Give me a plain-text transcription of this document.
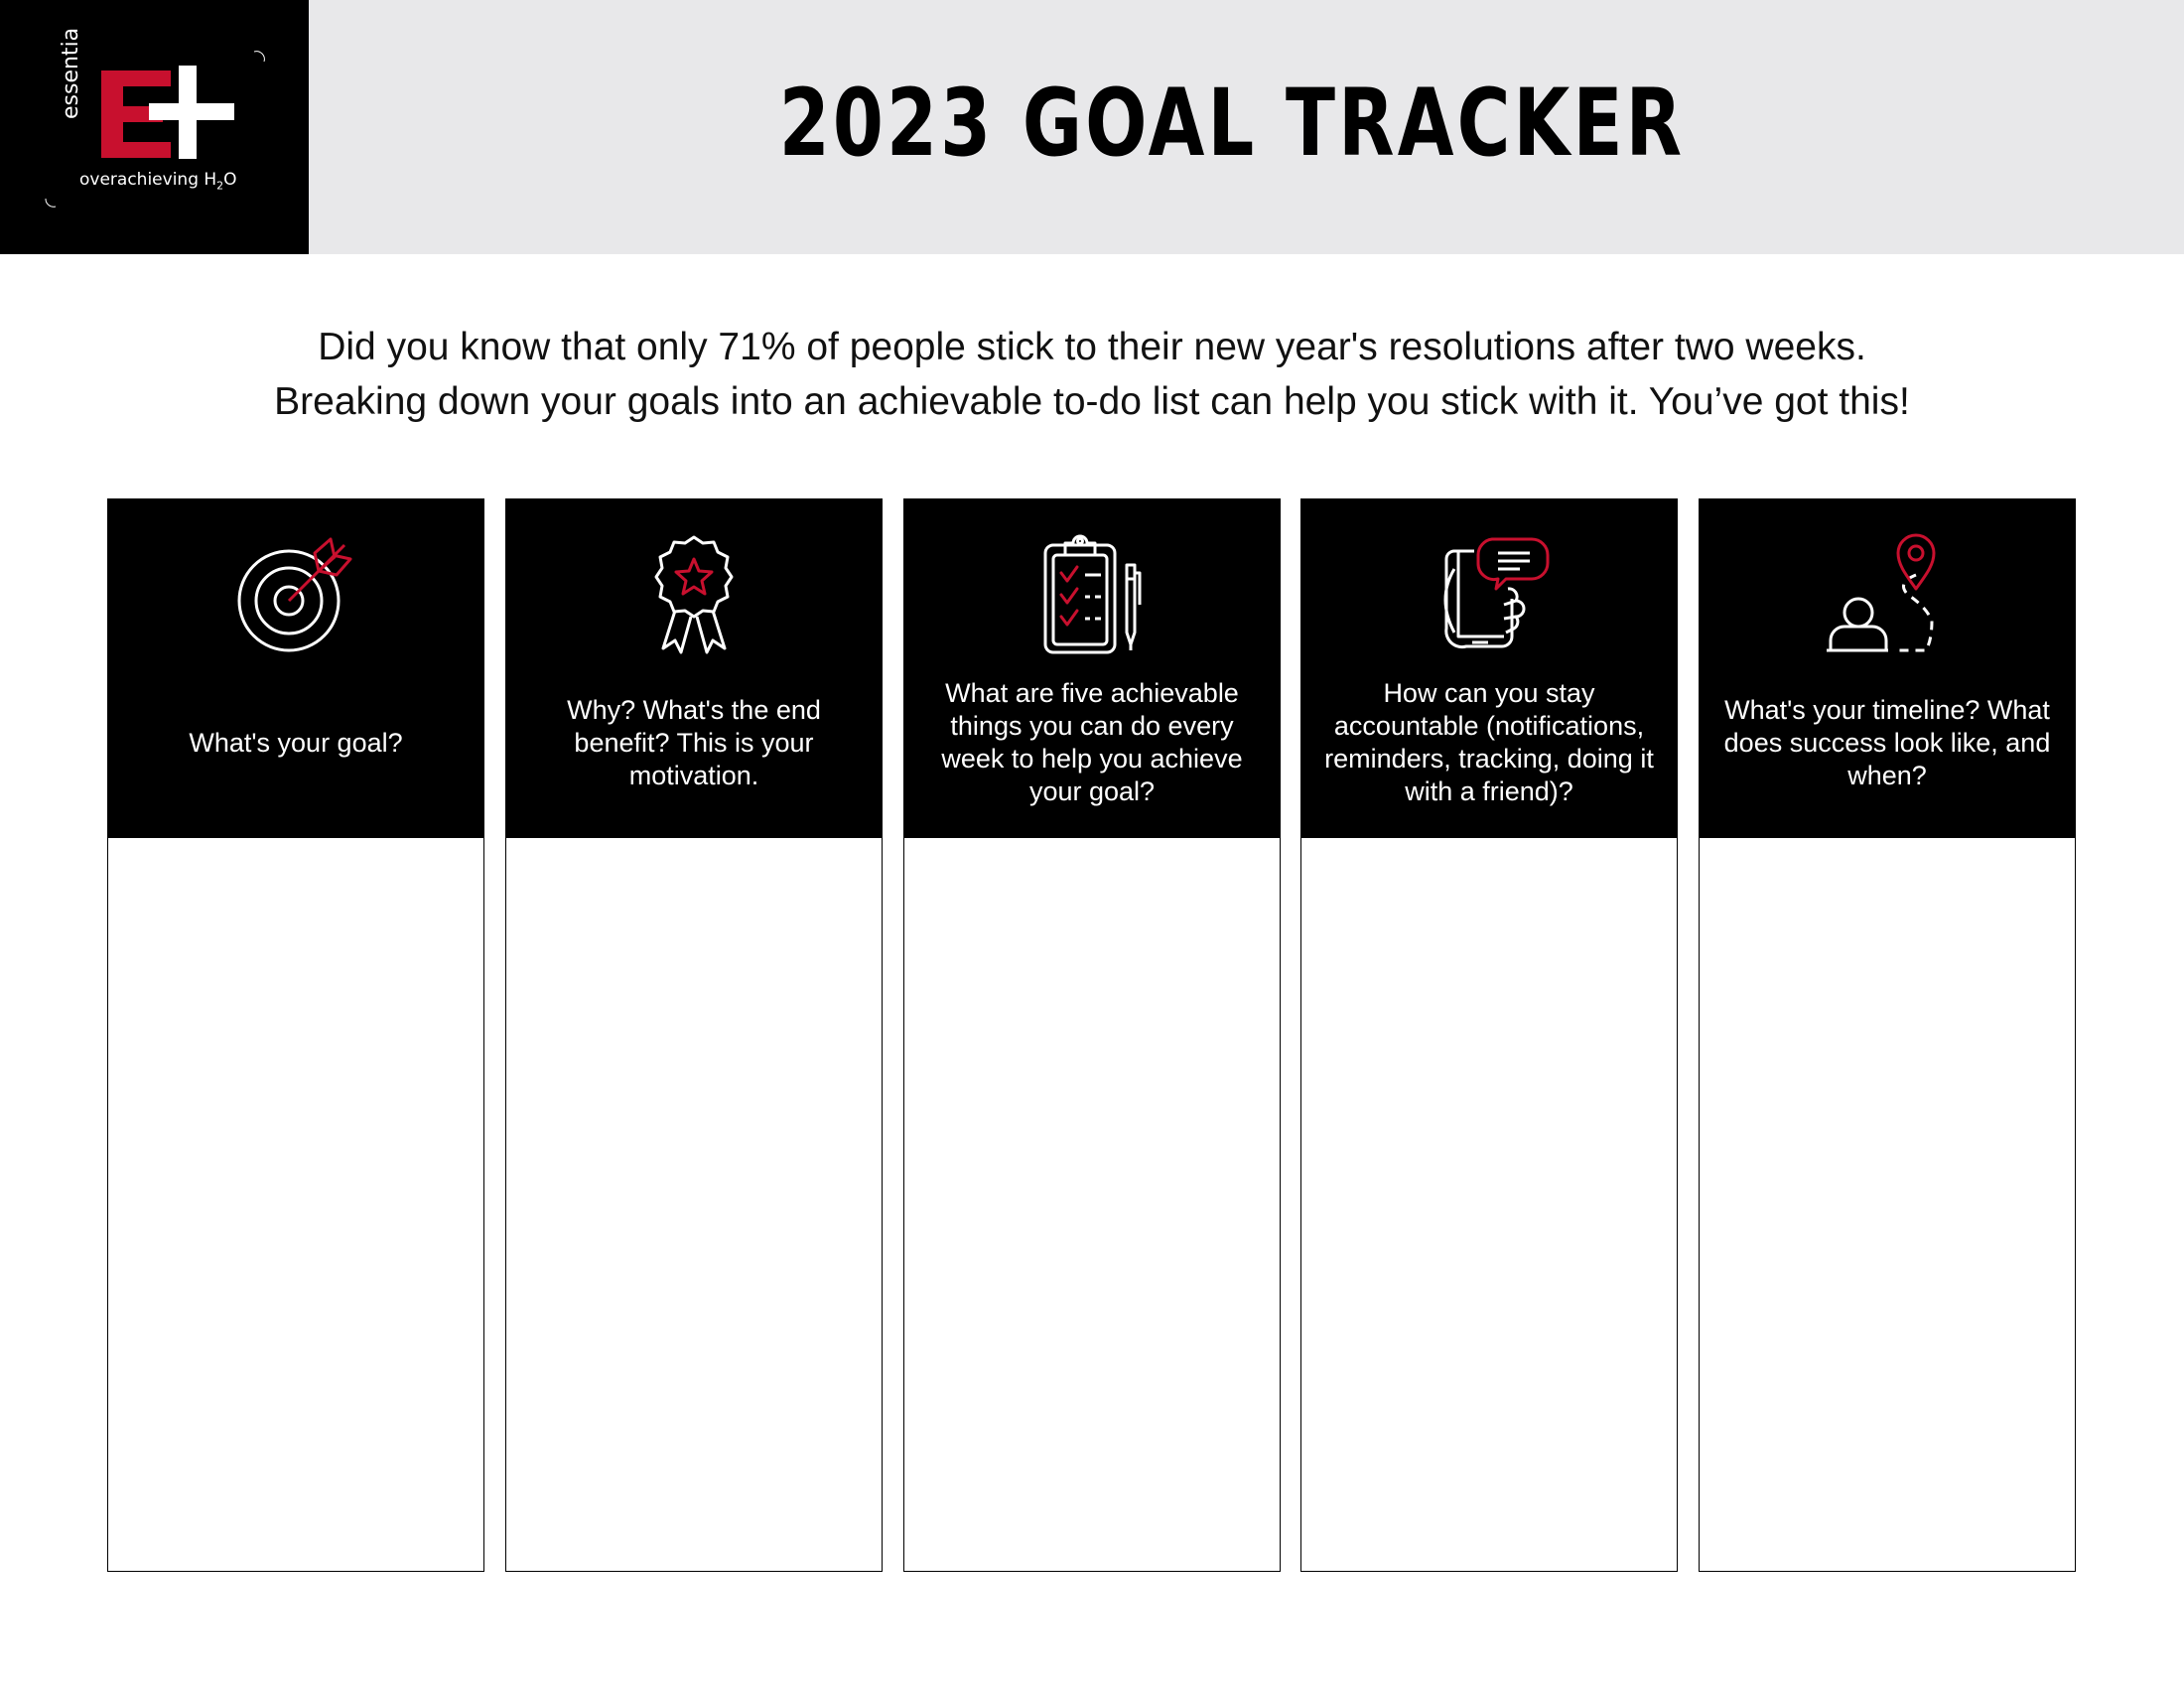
essentia
overachieving $H_2O$
2023 GOAL TRACKER

Did you know that only 71% of people stick to their new year's resolutions after two weeks.

Breaking down your goals into an achievable to-do list can help you stick with it. You’ve got this!

What's your goal?
Why? What's the end benefit? This is your motivation.
What are five achievable things you can do every week to help you achieve your goal?
How can you stay accountable (notifications, reminders, tracking, doing it with a friend)?
What's your timeline? What does success look like, and when?
